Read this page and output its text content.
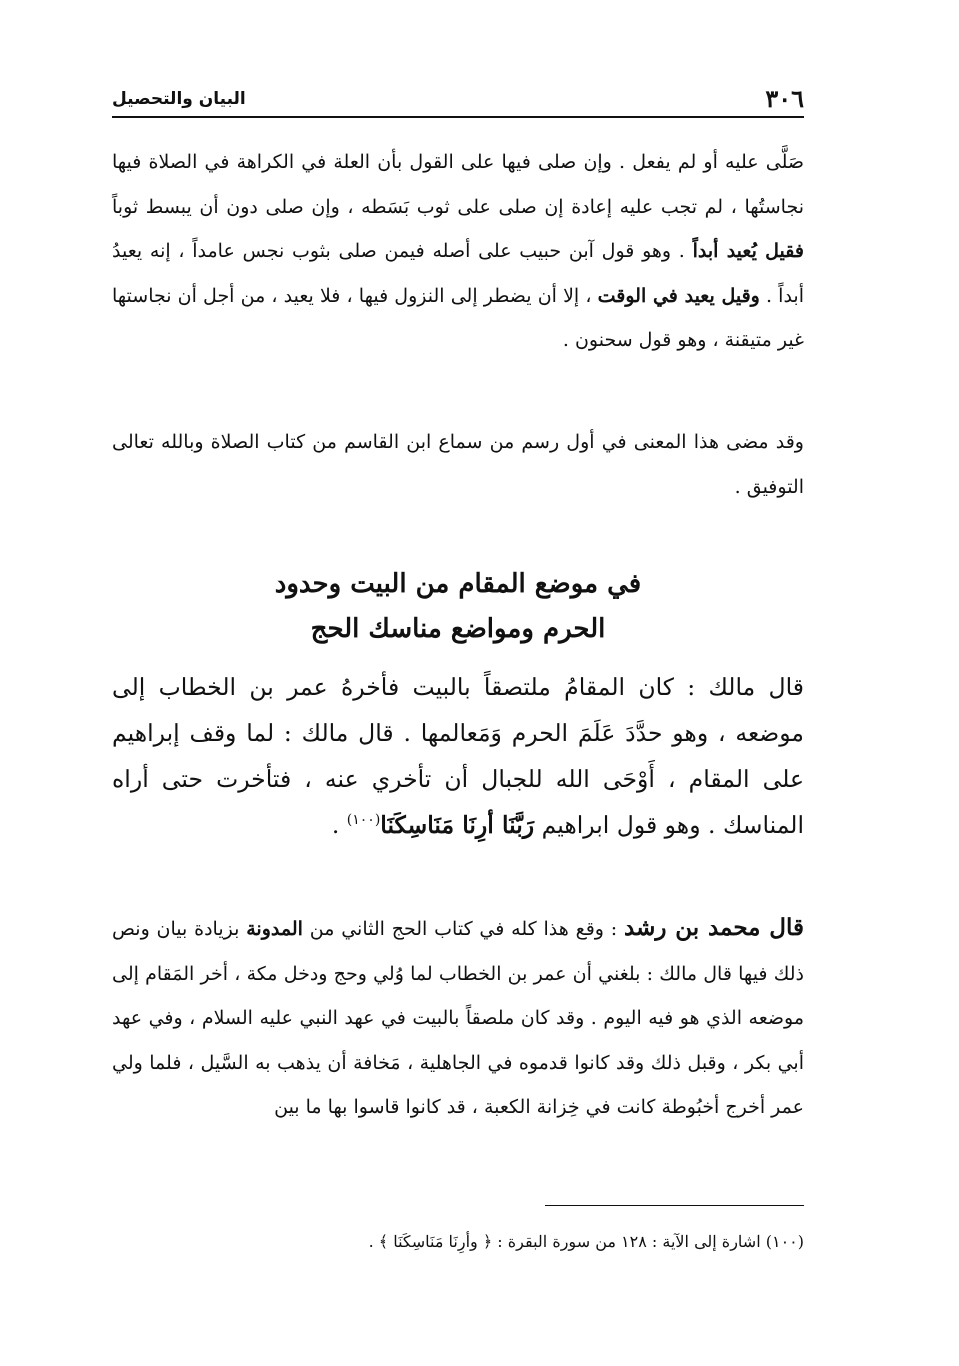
٣٠٦
البيان والتحصيل

صَلَّى عليه أو لم يفعل . وإن صلى فيها على القول بأن العلة في الكراهة في الصلاة فيها نجاستُها ، لم تجب عليه إعادة إن صلى على ثوب بَسَطه ، وإن صلى دون أن يبسط ثوباً فقيل يُعيد أبداً . وهو قول آبن حبيب على أصله فيمن صلى بثوب نجس عامداً ، إنه يعيدُ أبداً . وقيل يعيد في الوقت ، إلا أن يضطر إلى النزول فيها ، فلا يعيد ، من أجل أن نجاستها غير متيقنة ، وهو قول سحنون .

وقد مضى هذا المعنى في أول رسم من سماع ابن القاسم من كتاب الصلاة وبالله تعالى التوفيق .

في موضع المقام من البيت وحدود
الحرم ومواضع مناسك الحج

قال مالك : كان المقامُ ملتصقاً بالبيت فأخرهُ عمر بن الخطاب إلى موضعه ، وهو حدَّدَ عَلَمَ الحرم وَمَعالمها . قال مالك : لما وقف إبراهيم على المقام ، أَوْحَى الله للجبال أن تأخري عنه ، فتأخرت حتى أراه المناسك . وهو قول ابراهيم رَبَّنَا أرِنَا مَنَاسِكَنَا$^{(١٠٠)}$ .

قال محمد بن رشد : وقع هذا كله في كتاب الحج الثاني من المدونة بزيادة بيان ونص ذلك فيها قال مالك : بلغني أن عمر بن الخطاب لما وُلي وحج ودخل مكة ، أخر المَقام إلى موضعه الذي هو فيه اليوم . وقد كان ملصقاً بالبيت في عهد النبي عليه السلام ، وفي عهد أبي بكر ، وقبل ذلك وقد كانوا قدموه في الجاهلية ، مَخافة أن يذهب به السَّيل ، فلما ولي عمر أخرج أخبُوطة كانت في خِزانة الكعبة ، قد كانوا قاسوا بها ما بين

(١٠٠) اشارة إلى الآية : ١٢٨ من سورة البقرة : ﴿ وأرِنَا مَنَاسِكَنَا ﴾ .
